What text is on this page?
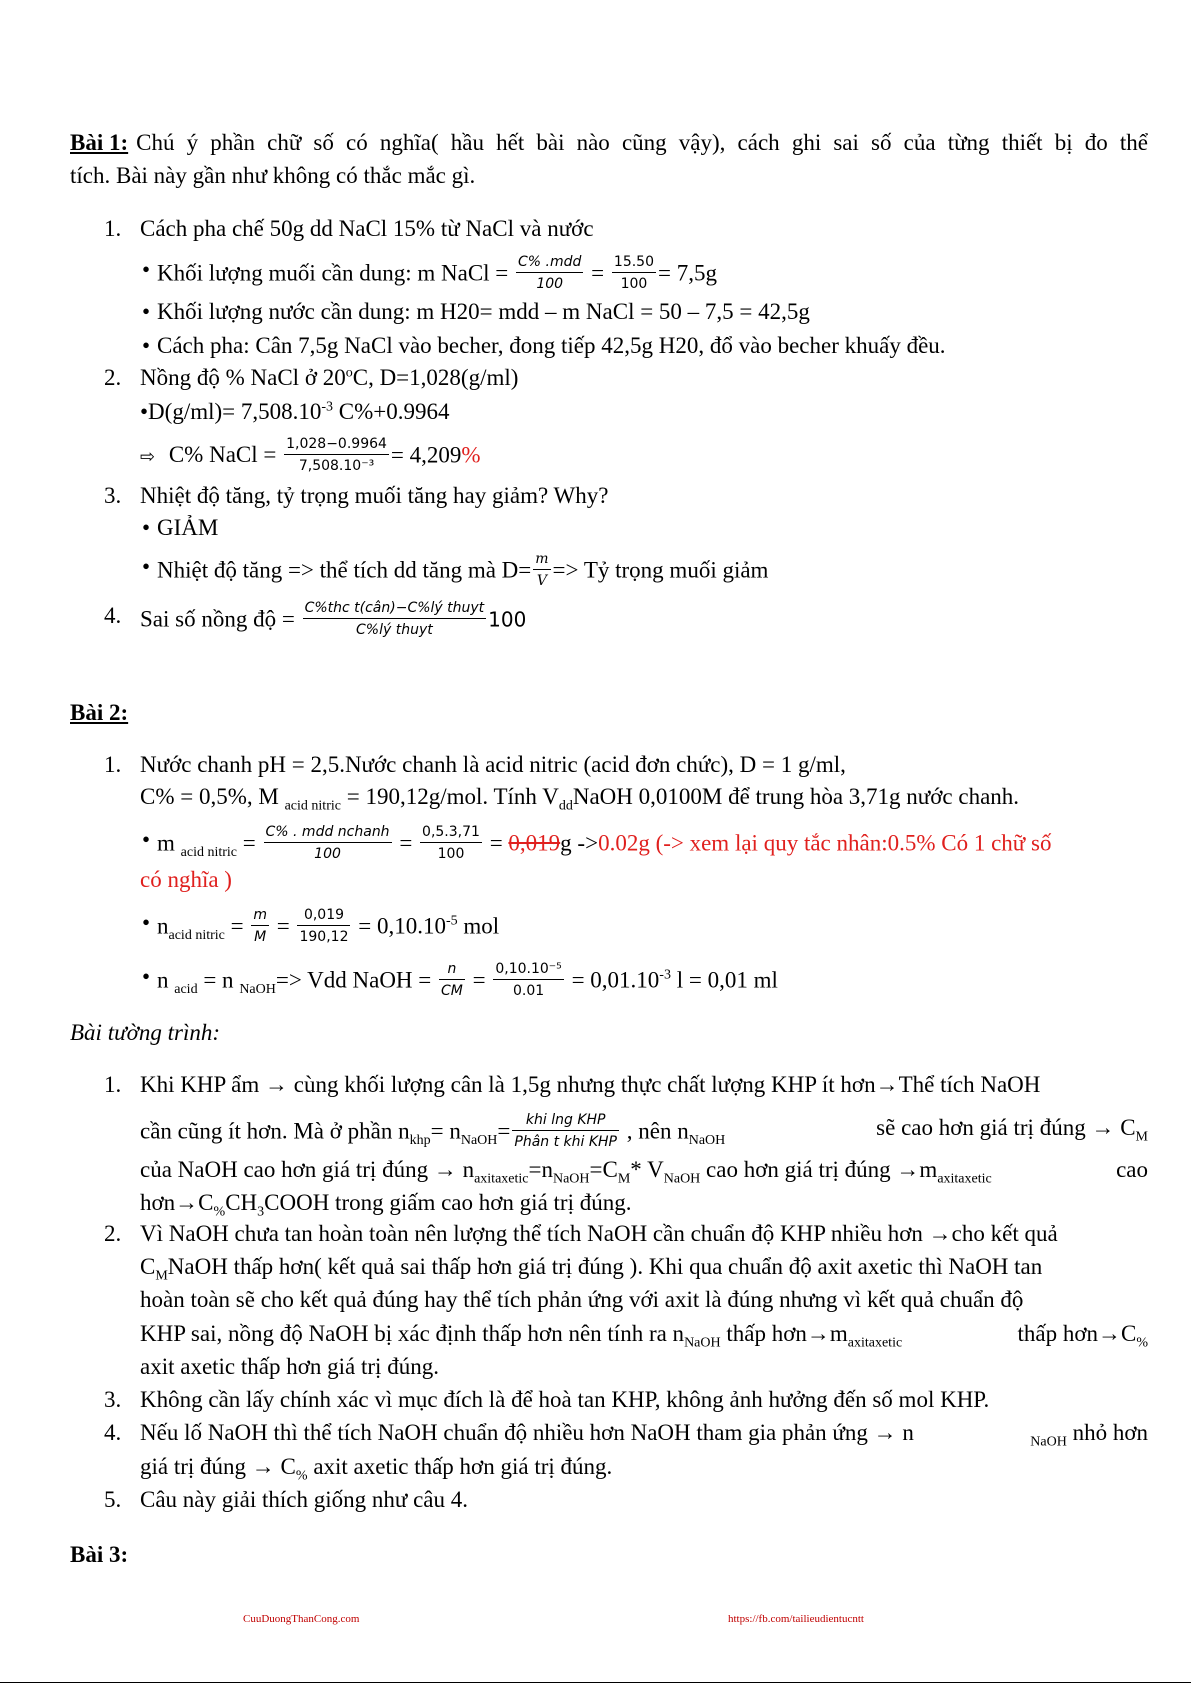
Bài 1: Chú ý phần chữ số có nghĩa( hầu hết bài nào cũng vậy), cách ghi sai số của từng thiết bị đo thể
tích. Bài này gần như không có thắc mắc gì.
1. Cách pha chế 50g dd NaCl 15% từ NaCl và nước
• Khối lượng muối cần dung: m NaCl = $\frac{\text{C\% .mdd}}{100} = \frac{15.50}{100} = 7,5g$
• Khối lượng nước cần dung: m H20= mdd – m NaCl = 50 – 7,5 = 42,5g
• Cách pha: Cân 7,5g NaCl vào becher, đong tiếp 42,5g H20, đổ vào becher khuấy đều.
2. Nồng độ % NaCl ở 20$^o$C, D=1,028(g/ml)
•D(g/ml)= $7,508.10^{-3}$ C%+0.9964
⇨ C% NaCl = $\frac{1,028-0.9964}{\text{7,508.10⁻³}} = 4,209\%$
3. Nhiệt độ tăng, tỷ trọng muối tăng hay giảm? Why?
• GIẢM
• Nhiệt độ tăng => thể tích dd tăng mà $D= \frac{m}{V}$ => Tỷ trọng muối giảm
4. Sai số nồng độ = $\frac{\text{C\%thc t(cân)−C\%lý thuyt}}{\text{C\%lý thuyt}} 100$
Bài 2:
1. Nước chanh pH = 2,5.Nước chanh là acid nitric (acid đơn chức), D = 1 g/ml,
C% = 0,5%, M $_{acid nitric}$ = 190,12g/mol. Tính $V_{dd}NaOH$ 0,0100M để trung hòa 3,71g nước chanh.
• m $_{acid nitric} = \frac{\text{C\% . mdd nchanh}}{100} = \frac{0,5.3,71}{100} = 0,019g$ ->0.02g (-> xem lại quy tắc nhân:0.5% Có 1 chữ số
có nghĩa )
• $n_{acid nitric} = \frac{m}{M} = \frac{0,019}{190,12} = 0,10.10^{-5}$ mol
• n $_{acid}$ = n $_{NaOH}$=> Vdd NaOH = $\frac{n}{CM} = \frac{\text{0,10.10⁻⁵}}{0.01} = 0,01.10^{-3}$ l = 0,01 ml
Bài tường trình:
1. Khi KHP ẩm → cùng khối lượng cân là 1,5g nhưng thực chất lượng KHP ít hơn→Thể tích NaOH
cần cũng ít hơn. Mà ở phần $n_{khp}= n_{NaOH}= \frac{\text{khi lng KHP}}{\text{Phân t khi KHP}}$ , nên $n_{NaOH}$
sẽ cao hơn giá trị đúng → $C_M$
của NaOH cao hơn giá trị đúng → $n_{axitaxetic}=n_{NaOH}=C_M*$ $V_{NaOH}$ cao hơn giá trị đúng $\to m_{axitaxetic}$	cao
$hơn\to C_{\%}CH_3COOH$ trong giấm cao hơn giá trị đúng.
2. Vì NaOH chưa tan hoàn toàn nên lượng thể tích NaOH cần chuẩn độ KHP nhiều hơn →cho kết quả
$C_MNaOH$ thấp hơn( kết quả sai thấp hơn giá trị đúng ). Khi qua chuẩn độ axit axetic thì NaOH tan
hoàn toàn sẽ cho kết quả đúng hay thể tích phản ứng với axit là đúng nhưng vì kết quả chuẩn độ
KHP sai, nồng độ NaOH bị xác định thấp hơn nên tính ra $n_{NaOH}$ thấp $hơn\to m_{axitaxetic}$	thấp $hơn\to C_{\%}$
axit axetic thấp hơn giá trị đúng.
3. Không cần lấy chính xác vì mục đích là để hoà tan KHP, không ảnh hưởng đến số mol KHP.
4. Nếu lố NaOH thì thể tích NaOH chuẩn độ nhiều hơn NaOH tham gia phản ứng → n	$_{NaOH}$ nhỏ hơn
giá trị đúng → $C_{\%}$ axit axetic thấp hơn giá trị đúng.
5. Câu này giải thích giống như câu 4.
Bài 3:
CuuDuongThanCong.com	https://fb.com/tailieudientucntt
